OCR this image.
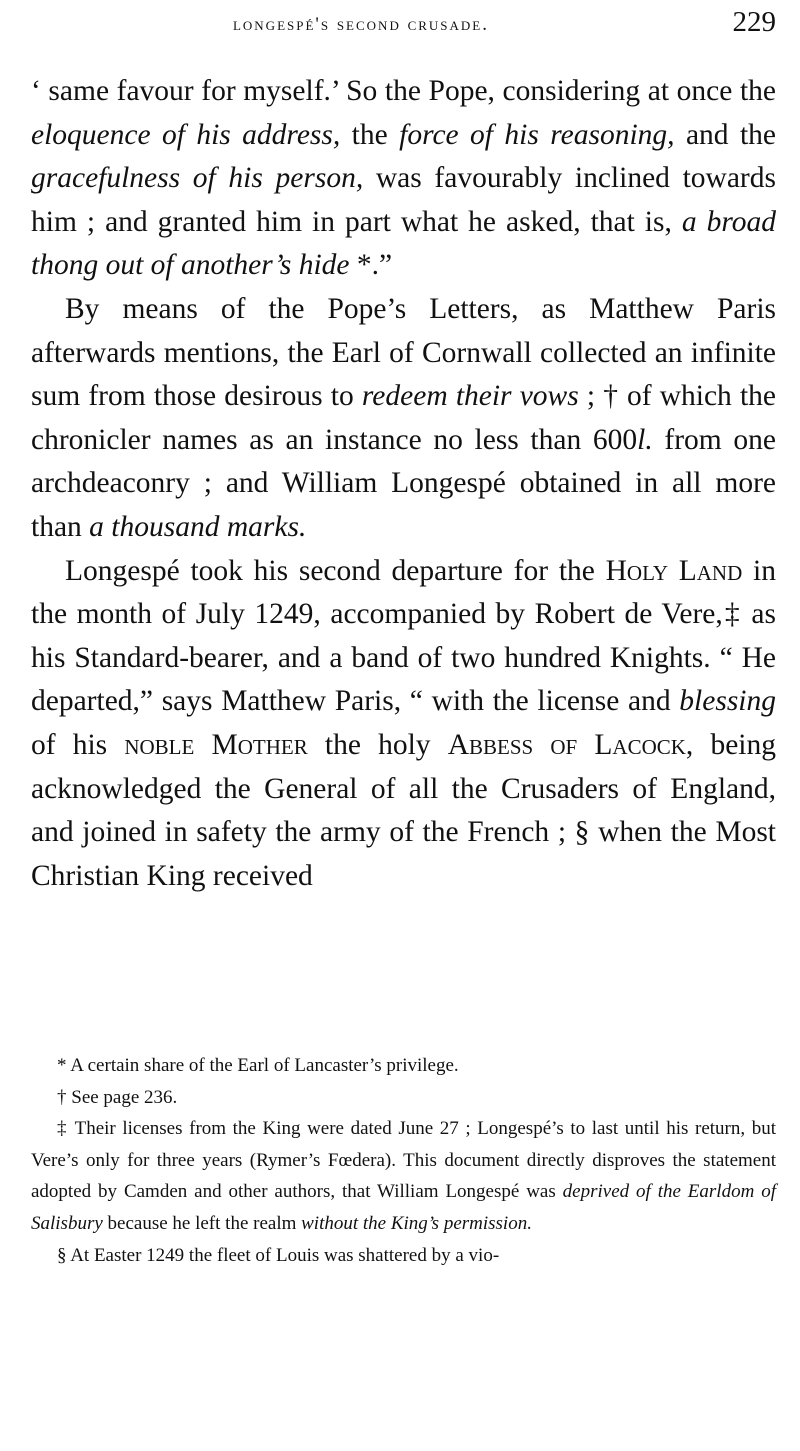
longespé's second crusade.	229

‘ same favour for myself.’ So the Pope, considering at once the eloquence of his address, the force of his reasoning, and the gracefulness of his person, was favourably inclined towards him ; and granted him in part what he asked, that is, a broad thong out of another’s hide *.”

By means of the Pope’s Letters, as Matthew Paris afterwards mentions, the Earl of Cornwall collected an infinite sum from those desirous to redeem their vows ; † of which the chronicler names as an instance no less than 600l. from one archdeaconry ; and William Longespé obtained in all more than a thousand marks.

Longespé took his second departure for the Holy Land in the month of July 1249, accompanied by Robert de Vere,‡ as his Standard-bearer, and a band of two hundred Knights. “ He departed,” says Matthew Paris, “ with the license and blessing of his noble Mother the holy Abbess of Lacock, being acknowledged the General of all the Crusaders of England, and joined in safety the army of the French ; § when the Most Christian King received

* A certain share of the Earl of Lancaster’s privilege.

† See page 236.

‡ Their licenses from the King were dated June 27 ; Longespé’s to last until his return, but Vere’s only for three years (Rymer’s Fœdera). This document directly disproves the statement adopted by Camden and other authors, that William Longespé was deprived of the Earldom of Salisbury because he left the realm without the King’s permission.

§ At Easter 1249 the fleet of Louis was shattered by a vio-
